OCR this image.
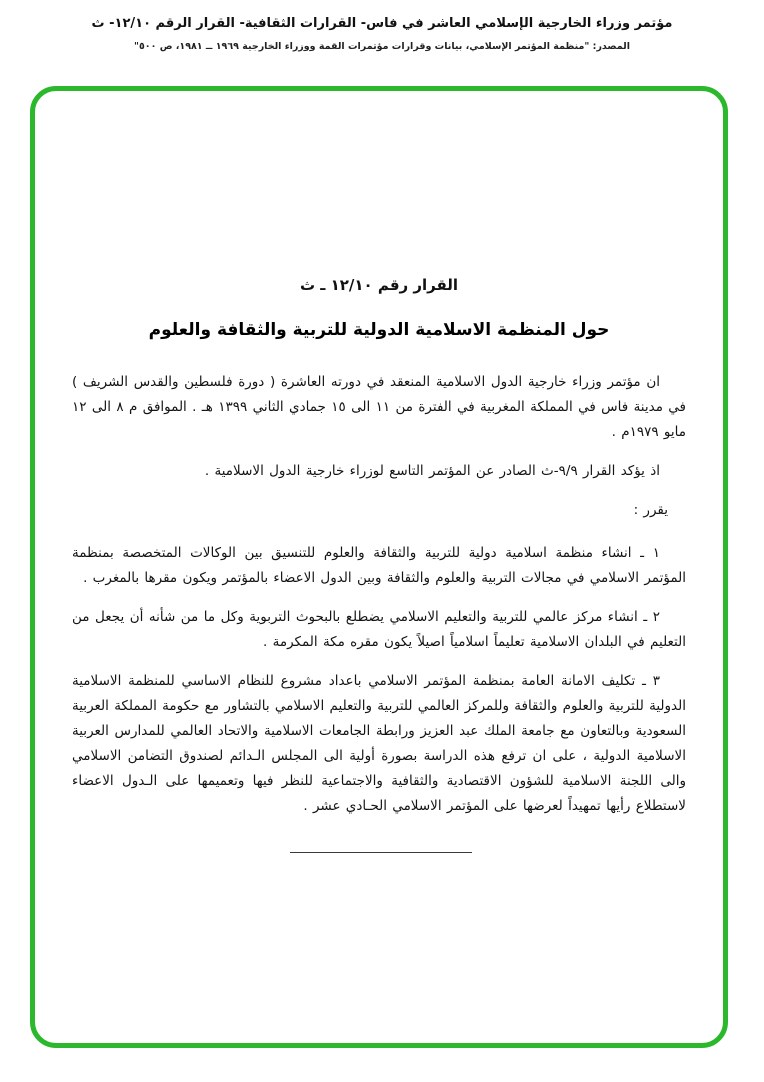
مؤتمر وزراء الخارجية الإسلامي العاشر في فاس- القرارات الثقافية- القرار الرقم ١٢/١٠- ث
المصدر: "منظمة المؤتمر الإسلامي، بيانات وقرارات مؤتمرات القمة ووزراء الخارجية ١٩٦٩ ــ ١٩٨١، ص ٥٠٠"
القرار رقم ١٢/١٠ ـ ث
حول المنظمة الاسلامية الدولية للتربية والثقافة والعلوم

ان مؤتمر وزراء خارجية الدول الاسلامية المنعقد في دورته العاشرة ( دورة فلسطين والقدس الشريف ) في مدينة فاس في المملكة المغربية في الفترة من ١١ الى ١٥ جمادي الثاني ١٣٩٩ هـ . الموافق م ٨ الى ١٢ مايو ١٩٧٩م .

اذ يؤكد القرار ٩/٩-ث الصادر عن المؤتمر التاسع لوزراء خارجية الدول الاسلامية .

يقرر :

١ ـ انشاء منظمة اسلامية دولية للتربية والثقافة والعلوم للتنسيق بين الوكالات المتخصصة بمنظمة المؤتمر الاسلامي في مجالات التربية والعلوم والثقافة وبين الدول الاعضاء بالمؤتمر ويكون مقرها بالمغرب .

٢ ـ انشاء مركز عالمي للتربية والتعليم الاسلامي يضطلع بالبحوث التربوية وكل ما من شأنه أن يجعل من التعليم في البلدان الاسلامية تعليماً اسلامياً اصيلاً يكون مقره مكة المكرمة .

٣ ـ تكليف الامانة العامة بمنظمة المؤتمر الاسلامي باعداد مشروع للنظام الاساسي للمنظمة الاسلامية الدولية للتربية والعلوم والثقافة وللمركز العالمي للتربية والتعليم الاسلامي بالتشاور مع حكومة المملكة العربية السعودية وبالتعاون مع جامعة الملك عبد العزيز ورابطة الجامعات الاسلامية والاتحاد العالمي للمدارس العربية الاسلامية الدولية ، على ان ترفع هذه الدراسة بصورة أولية الى المجلس الـدائم لصندوق التضامن الاسلامي والى اللجنة الاسلامية للشؤون الاقتصادية والثقافية والاجتماعية للنظر فيها وتعميمها على الـدول الاعضاء لاستطلاع رأيها تمهيداً لعرضها على المؤتمر الاسلامي الحـادي عشر .
